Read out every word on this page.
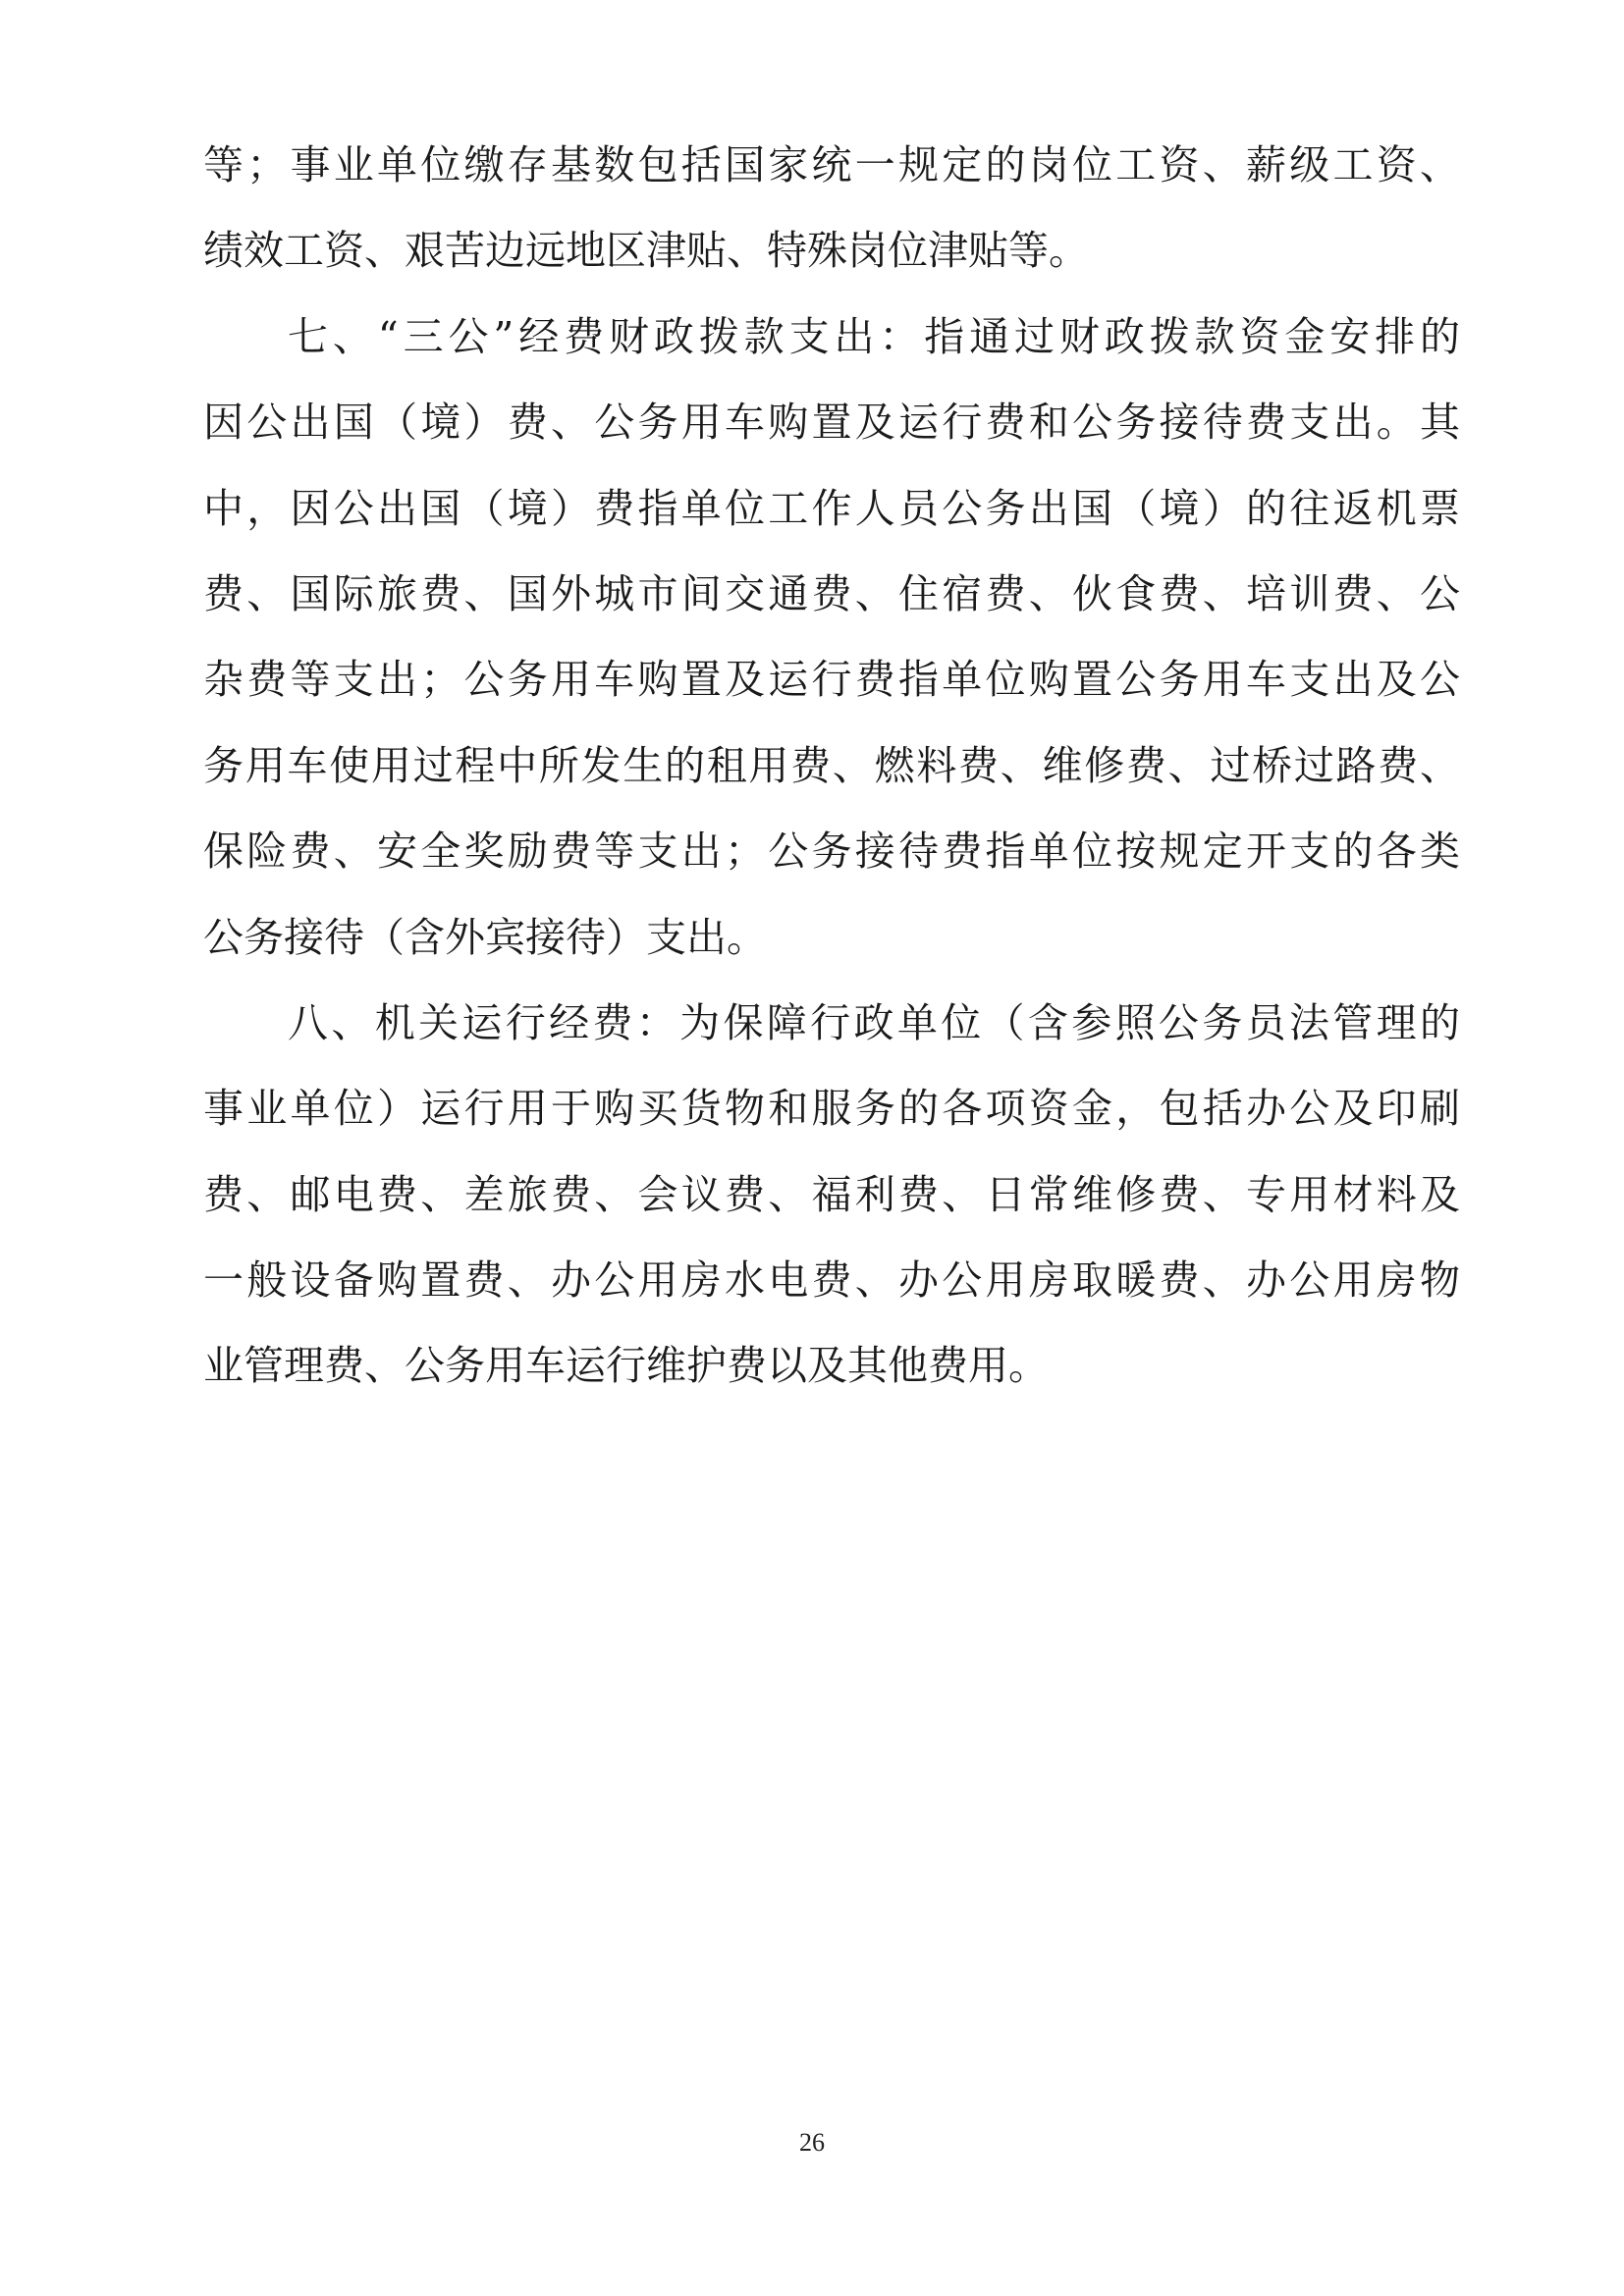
等；事业单位缴存基数包括国家统一规定的岗位工资、薪级工资、
绩效工资、艰苦边远地区津贴、特殊岗位津贴等。
七、“三公”经费财政拨款支出：指通过财政拨款资金安排的
因公出国（境）费、公务用车购置及运行费和公务接待费支出。其
中，因公出国（境）费指单位工作人员公务出国（境）的往返机票
费、国际旅费、国外城市间交通费、住宿费、伙食费、培训费、公
杂费等支出；公务用车购置及运行费指单位购置公务用车支出及公
务用车使用过程中所发生的租用费、燃料费、维修费、过桥过路费、
保险费、安全奖励费等支出；公务接待费指单位按规定开支的各类
公务接待（含外宾接待）支出。
八、机关运行经费：为保障行政单位（含参照公务员法管理的
事业单位）运行用于购买货物和服务的各项资金，包括办公及印刷
费、邮电费、差旅费、会议费、福利费、日常维修费、专用材料及
一般设备购置费、办公用房水电费、办公用房取暖费、办公用房物
业管理费、公务用车运行维护费以及其他费用。
26
